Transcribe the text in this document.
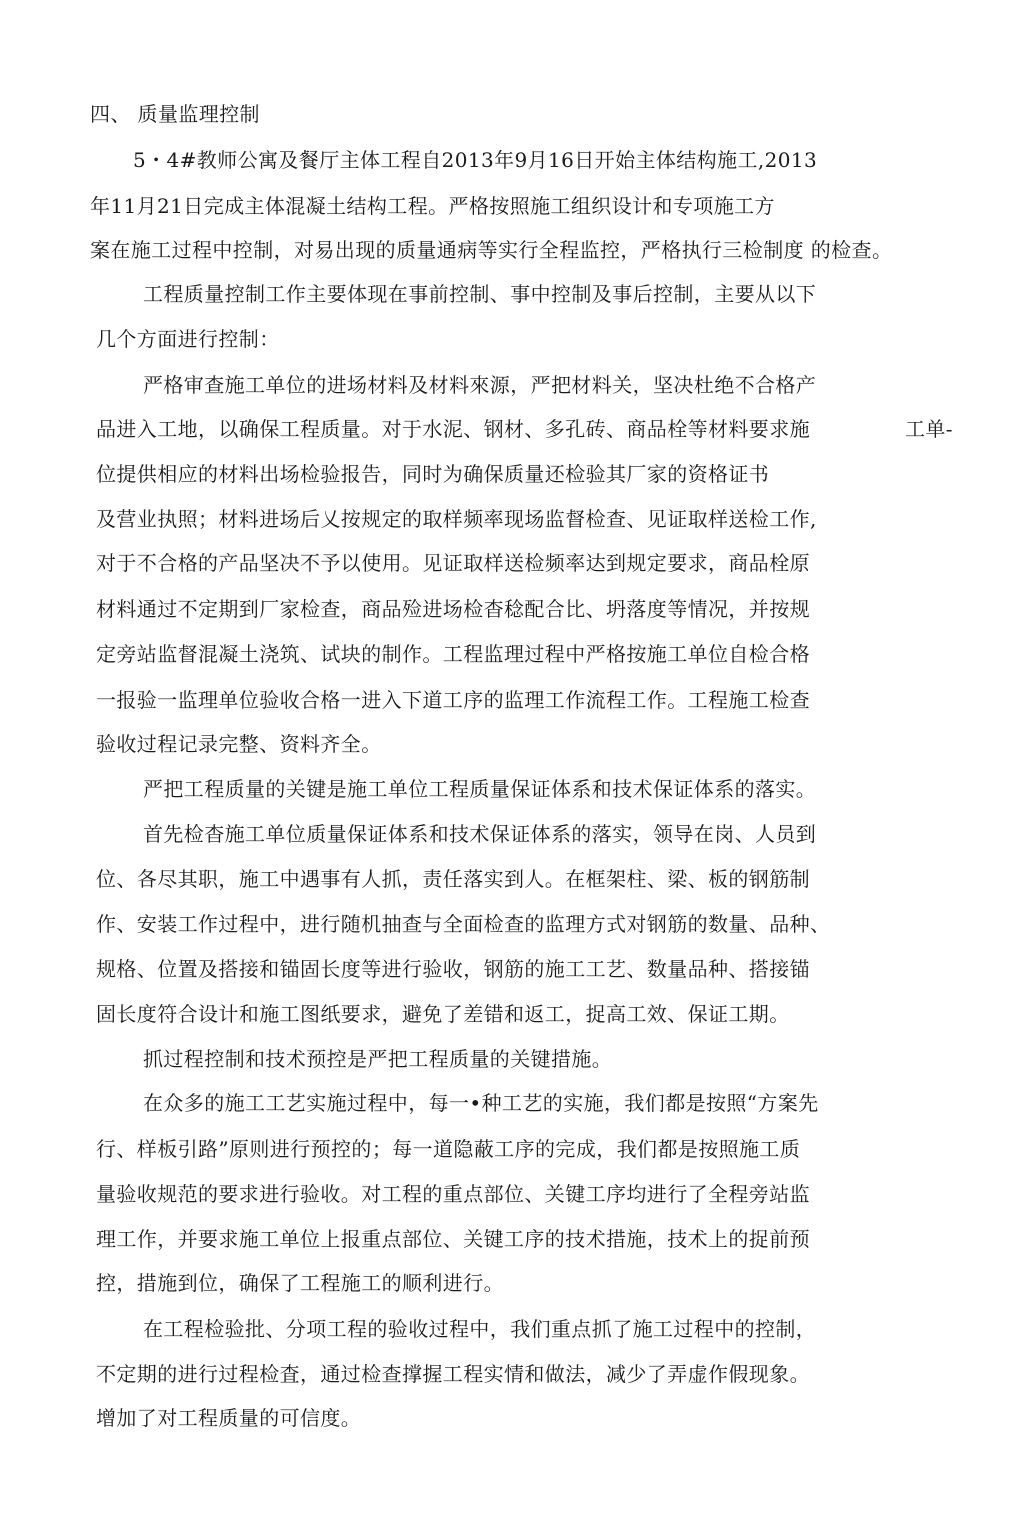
四、 质量监理控制
5・4#教师公寓及餐厅主体工程自2013年9月16日开始主体结构施工,2013
年11月21日完成主体混凝土结构工程。严格按照施工组织设计和专项施工方
案在施工过程中控制，对易出现的质量通病等实行全程监控，严格执行三检制度 的检查。
工程质量控制工作主要体现在事前控制、事中控制及事后控制，主要从以下
几个方面进行控制：
严格审查施工单位的进场材料及材料來源，严把材料关，坚决杜绝不合格产
品进入工地，以确保工程质量。对于水泥、钢材、多孔砖、商品栓等材料要求施	工单-
位提供相应的材料出场检验报告，同时为确保质量还检验其厂家的资格证书
及营业执照；材料进场后乂按规定的取样频率现场监督检查、见证取样送检工作,
对于不合格的产品坚决不予以使用。见证取样送检频率达到规定要求，商品栓原
材料通过不定期到厂家检查，商品殓进场检杳稔配合比、坍落度等情况，并按规
定旁站监督混凝土浇筑、试块的制作。工程监理过程中严格按施工单位自检合格
一报验一监理单位验收合格一进入下道工序的监理工作流程工作。工程施工检查
验收过程记录完整、资料齐全。
严把工程质量的关键是施工单位工程质量保证体系和技术保证体系的落实。
首先检杳施工单位质量保证体系和技术保证体系的落实，领导在岗、人员到
位、各尽其职，施工中遇事有人抓，责任落实到人。在框架柱、梁、板的钢筋制
作、安装工作过程中，进行随机抽查与全面检查的监理方式对钢筋的数量、品种、
规格、位置及搭接和锚固长度等进行验收，钢筋的施工工艺、数量品种、搭接锚
固长度符合设计和施工图纸要求，避免了差错和返工，捉高工效、保证工期。
抓过程控制和技术预控是严把工程质量的关键措施。
在众多的施工工艺实施过程中，每一•种工艺的实施，我们都是按照“方案先
行、样板引路”原则进行预控的；每一道隐蔽工序的完成，我们都是按照施工质
量验收规范的要求进行验收。对工程的重点部位、关键工序均进行了全程旁站监
理工作，并要求施工单位上报重点部位、关键工序的技术措施，技术上的捉前预
控，措施到位，确保了工程施工的顺利进行。
在工程检验批、分项工程的验收过程中，我们重点抓了施工过程中的控制，
不定期的进行过程检査，通过检查撑握工程实情和做法，减少了弄虚作假现象。
增加了对工程质量的可信度。
